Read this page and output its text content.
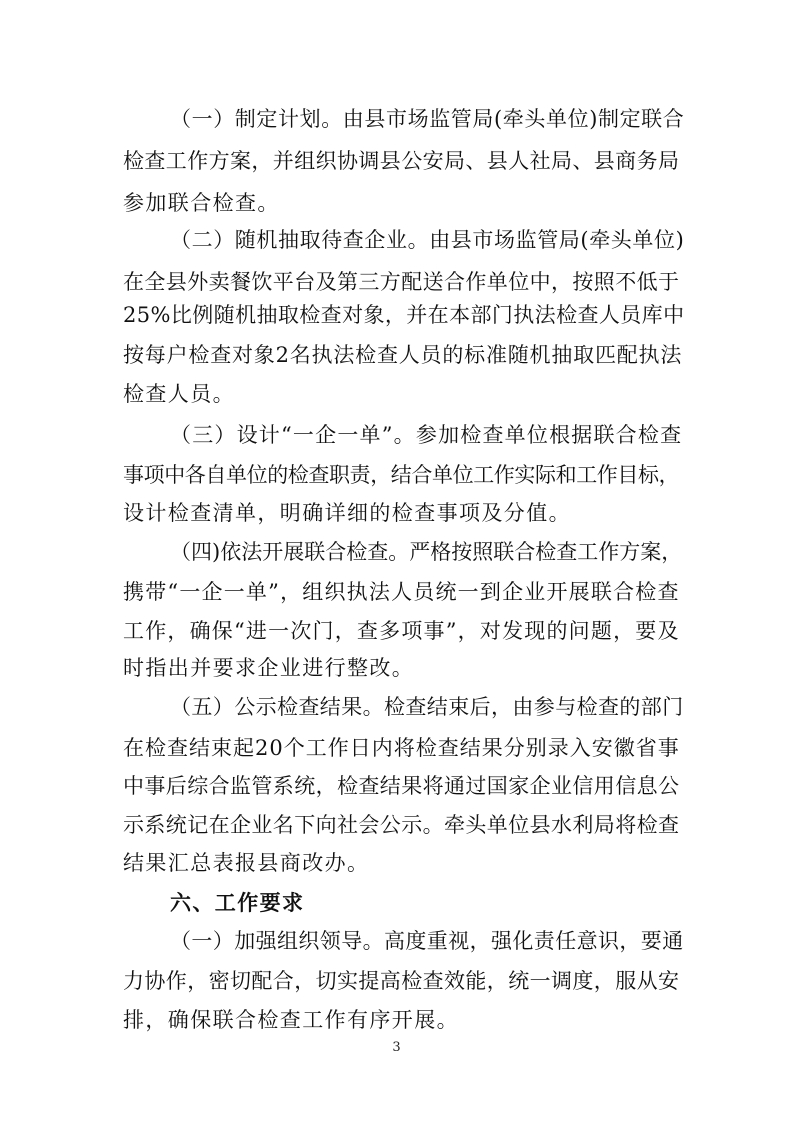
（一）制定计划。由县市场监管局(牵头单位)制定联合
检查工作方案，并组织协调县公安局、县人社局、县商务局
参加联合检查。
（二）随机抽取待查企业。由县市场监管局(牵头单位)
在全县外卖餐饮平台及第三方配送合作单位中，按照不低于
25%比例随机抽取检查对象，并在本部门执法检查人员库中
按每户检查对象2名执法检查人员的标准随机抽取匹配执法
检查人员。
（三）设计“一企一单”。参加检查单位根据联合检查
事项中各自单位的检查职责，结合单位工作实际和工作目标，
设计检查清单，明确详细的检查事项及分值。
（四)依法开展联合检查。严格按照联合检查工作方案，
携带“一企一单”，组织执法人员统一到企业开展联合检查
工作，确保“进一次门，查多项事”，对发现的问题，要及
时指出并要求企业进行整改。
（五）公示检查结果。检查结束后，由参与检查的部门
在检查结束起20个工作日内将检查结果分别录入安徽省事
中事后综合监管系统，检查结果将通过国家企业信用信息公
示系统记在企业名下向社会公示。牵头单位县水利局将检查
结果汇总表报县商改办。
六、工作要求
（一）加强组织领导。高度重视，强化责任意识，要通
力协作，密切配合，切实提高检查效能，统一调度，服从安
排，确保联合检查工作有序开展。
3
